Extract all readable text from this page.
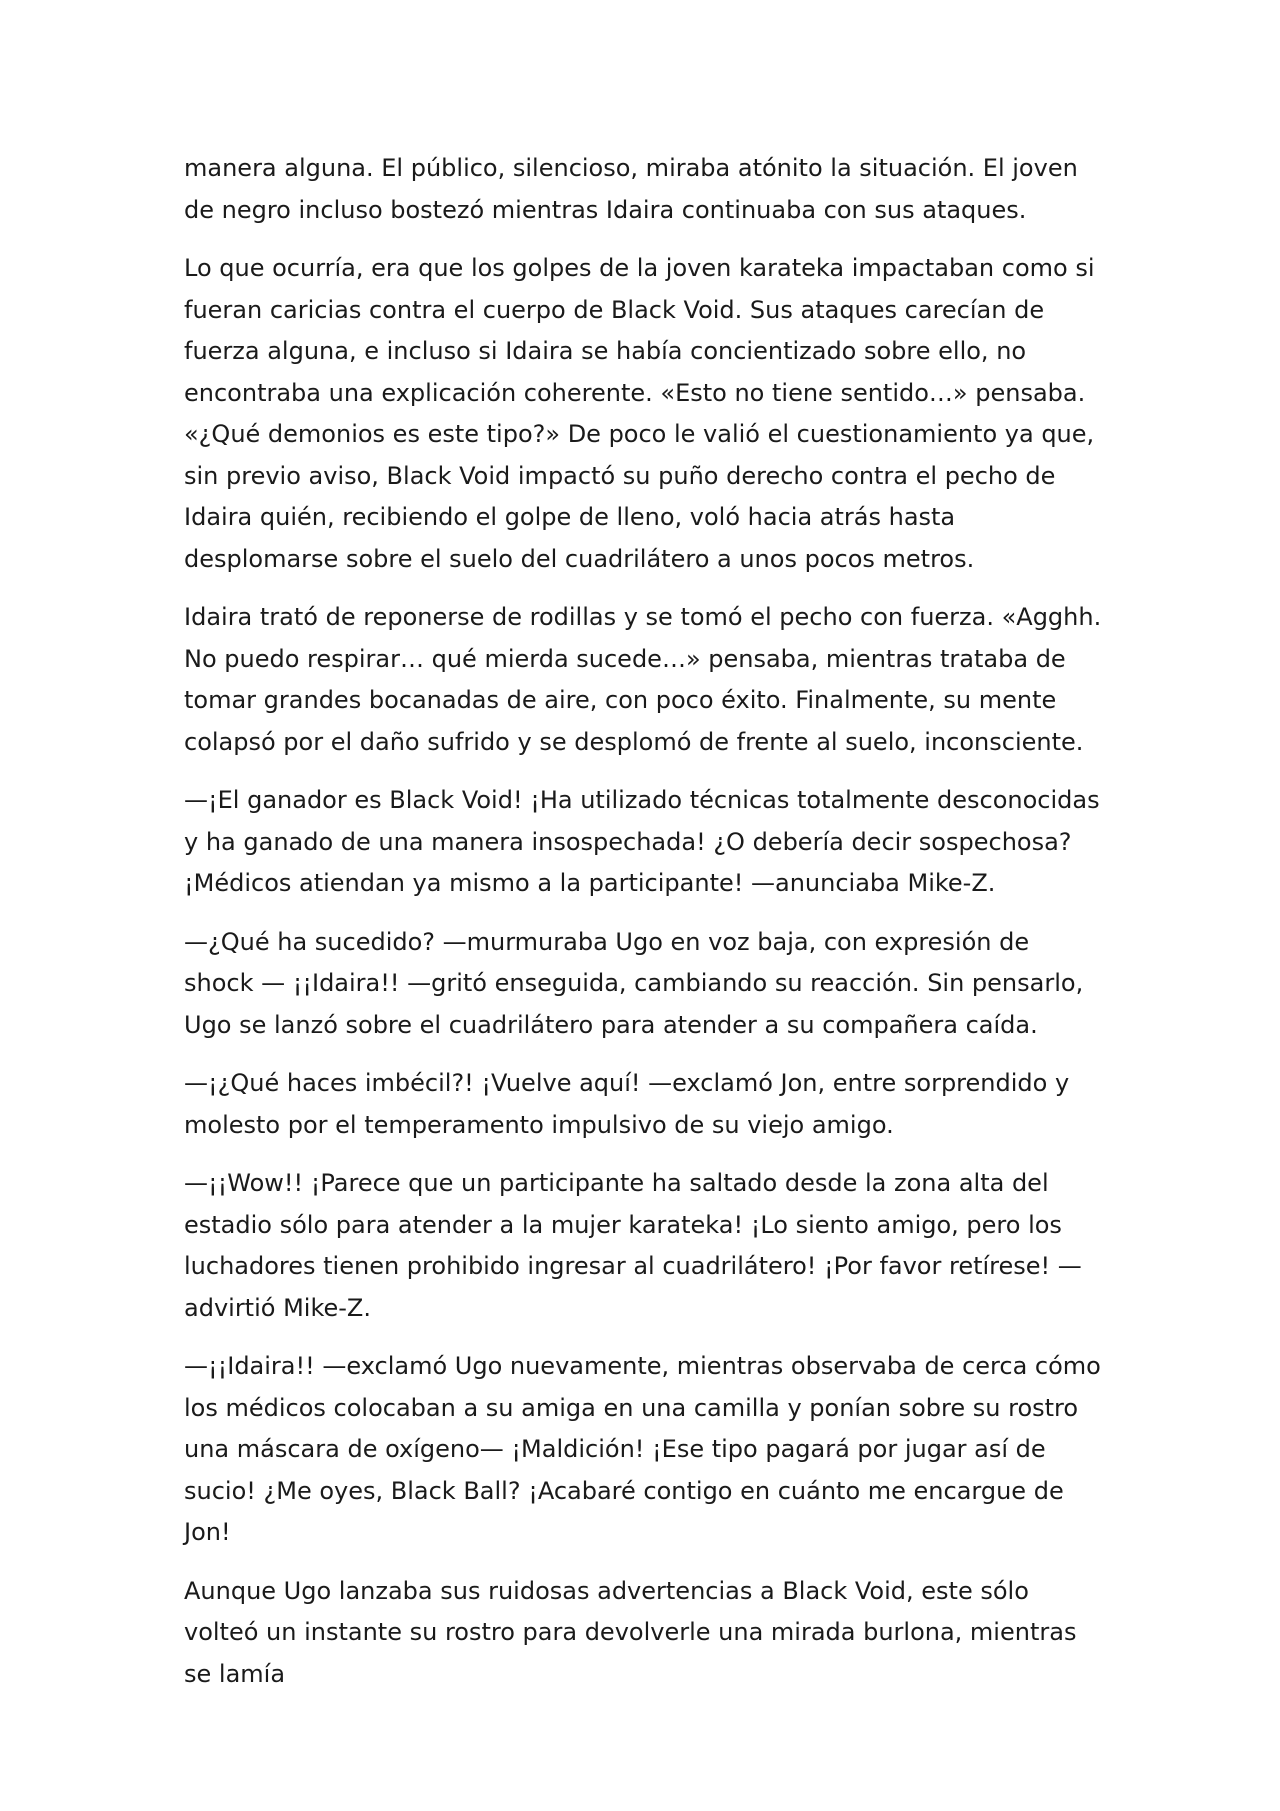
manera alguna. El público, silencioso, miraba atónito la situación. El joven de negro incluso bostezó mientras Idaira continuaba con sus ataques.

Lo que ocurría, era que los golpes de la joven karateka impactaban como si fueran caricias contra el cuerpo de Black Void. Sus ataques carecían de fuerza alguna, e incluso si Idaira se había concientizado sobre ello, no encontraba una explicación coherente. «Esto no tiene sentido…» pensaba. «¿Qué demonios es este tipo?» De poco le valió el cuestionamiento ya que, sin previo aviso, Black Void impactó su puño derecho contra el pecho de Idaira quién, recibiendo el golpe de lleno, voló hacia atrás hasta desplomarse sobre el suelo del cuadrilátero a unos pocos metros.

Idaira trató de reponerse de rodillas y se tomó el pecho con fuerza. «Agghh. No puedo respirar… qué mierda sucede…» pensaba, mientras trataba de tomar grandes bocanadas de aire, con poco éxito. Finalmente, su mente colapsó por el daño sufrido y se desplomó de frente al suelo, inconsciente.

—¡El ganador es Black Void! ¡Ha utilizado técnicas totalmente desconocidas y ha ganado de una manera insospechada! ¿O debería decir sospechosa? ¡Médicos atiendan ya mismo a la participante! —anunciaba Mike-Z.

—¿Qué ha sucedido? —murmuraba Ugo en voz baja, con expresión de shock — ¡¡Idaira!! —gritó enseguida, cambiando su reacción. Sin pensarlo, Ugo se lanzó sobre el cuadrilátero para atender a su compañera caída.

—¡¿Qué haces imbécil?! ¡Vuelve aquí! —exclamó Jon, entre sorprendido y molesto por el temperamento impulsivo de su viejo amigo.

—¡¡Wow!! ¡Parece que un participante ha saltado desde la zona alta del estadio sólo para atender a la mujer karateka! ¡Lo siento amigo, pero los luchadores tienen prohibido ingresar al cuadrilátero! ¡Por favor retírese! —advirtió Mike-Z.

—¡¡Idaira!! —exclamó Ugo nuevamente, mientras observaba de cerca cómo los médicos colocaban a su amiga en una camilla y ponían sobre su rostro una máscara de oxígeno— ¡Maldición! ¡Ese tipo pagará por jugar así de sucio! ¿Me oyes, Black Ball? ¡Acabaré contigo en cuánto me encargue de Jon!

Aunque Ugo lanzaba sus ruidosas advertencias a Black Void, este sólo volteó un instante su rostro para devolverle una mirada burlona, mientras se lamía
